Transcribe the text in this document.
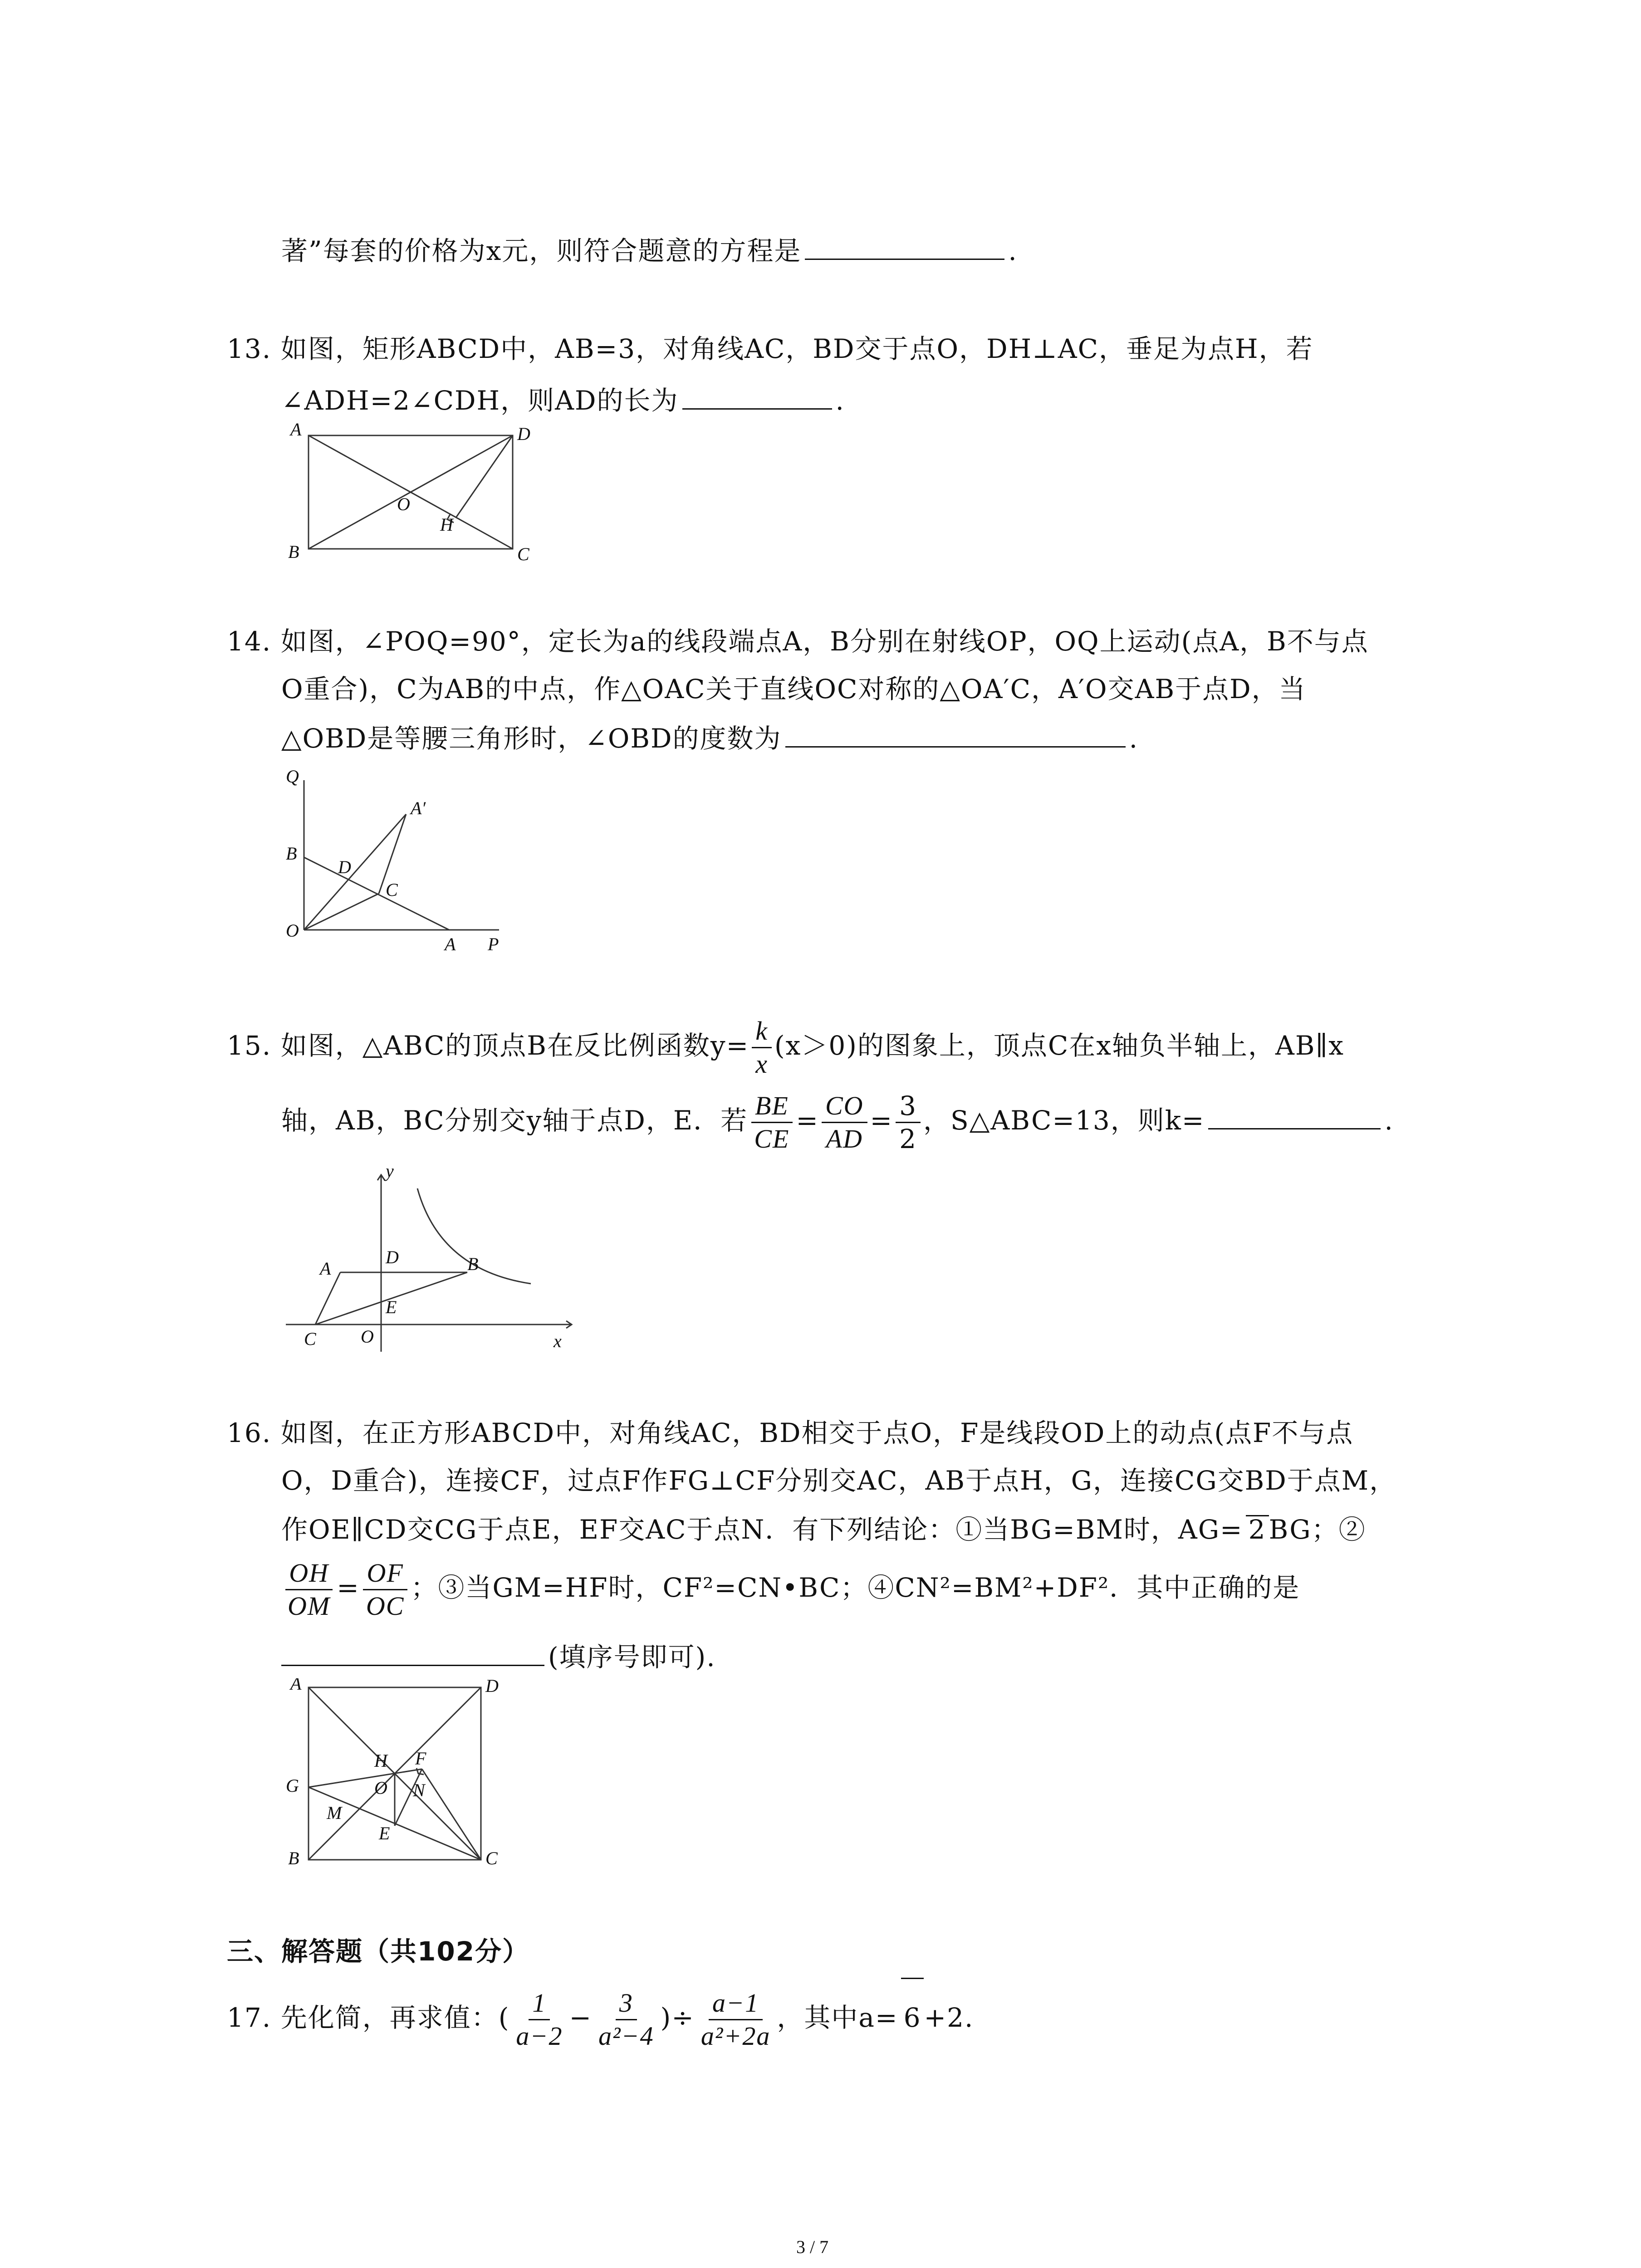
著”每套的价格为x元，则符合题意的方程是	.
13. 如图，矩形ABCD中，AB=3，对角线AC，BD交于点O，DH⊥AC，垂足为点H，若
∠ADH=2∠CDH，则AD的长为	.
A	D
O
H
B	C
14. 如图，∠POQ=90°，定长为a的线段端点A，B分别在射线OP，OQ上运动(点A，B不与点
O重合)，C为AB的中点，作△OAC关于直线OC对称的△OA′C，A′O交AB于点D，当
△OBD是等腰三角形时，∠OBD的度数为	.
Q
A′
B
D
C
O
A P
15. 如图，△ABC的顶点B在反比例函数$y= \frac{k}{x} (x>0)$的图象上，顶点C在x轴负半轴上，AB∥x
轴，AB，BC分别交y轴于点D，E．若 $\frac{BE}{CE} = \frac{CO}{AD} = \frac{3}{2}$ ，S△ABC=13，则k=	.
y
D	B
A
E
C O	x
16. 如图，在正方形ABCD中，对角线AC，BD相交于点O，F是线段OD上的动点(点F不与点
O，D重合)，连接CF，过点F作FG⊥CF分别交AC，AB于点H，G，连接CG交BD于点M，
作OE∥CD交CG于点E，EF交AC于点N．有下列结论：①当BG=BM时，AG= 2 BG；②
$\frac{OH}{OM} = \frac{OF}{OC}$ ；③当GM=HF时，CF²=CN•BC；④CN²=BM²+DF²．其中正确的是
(填序号即可).
A	D
F
H
O N
G
M
E
B	C
三、解答题（共102分）
17. 先化简，再求值：( $\frac{1}{a-2} - \frac{3}{\text{a²−4}}$ )÷ $\frac{a-1}{\text{a²+2a}}$ ，其中a= 6 +2.
3 / 7
